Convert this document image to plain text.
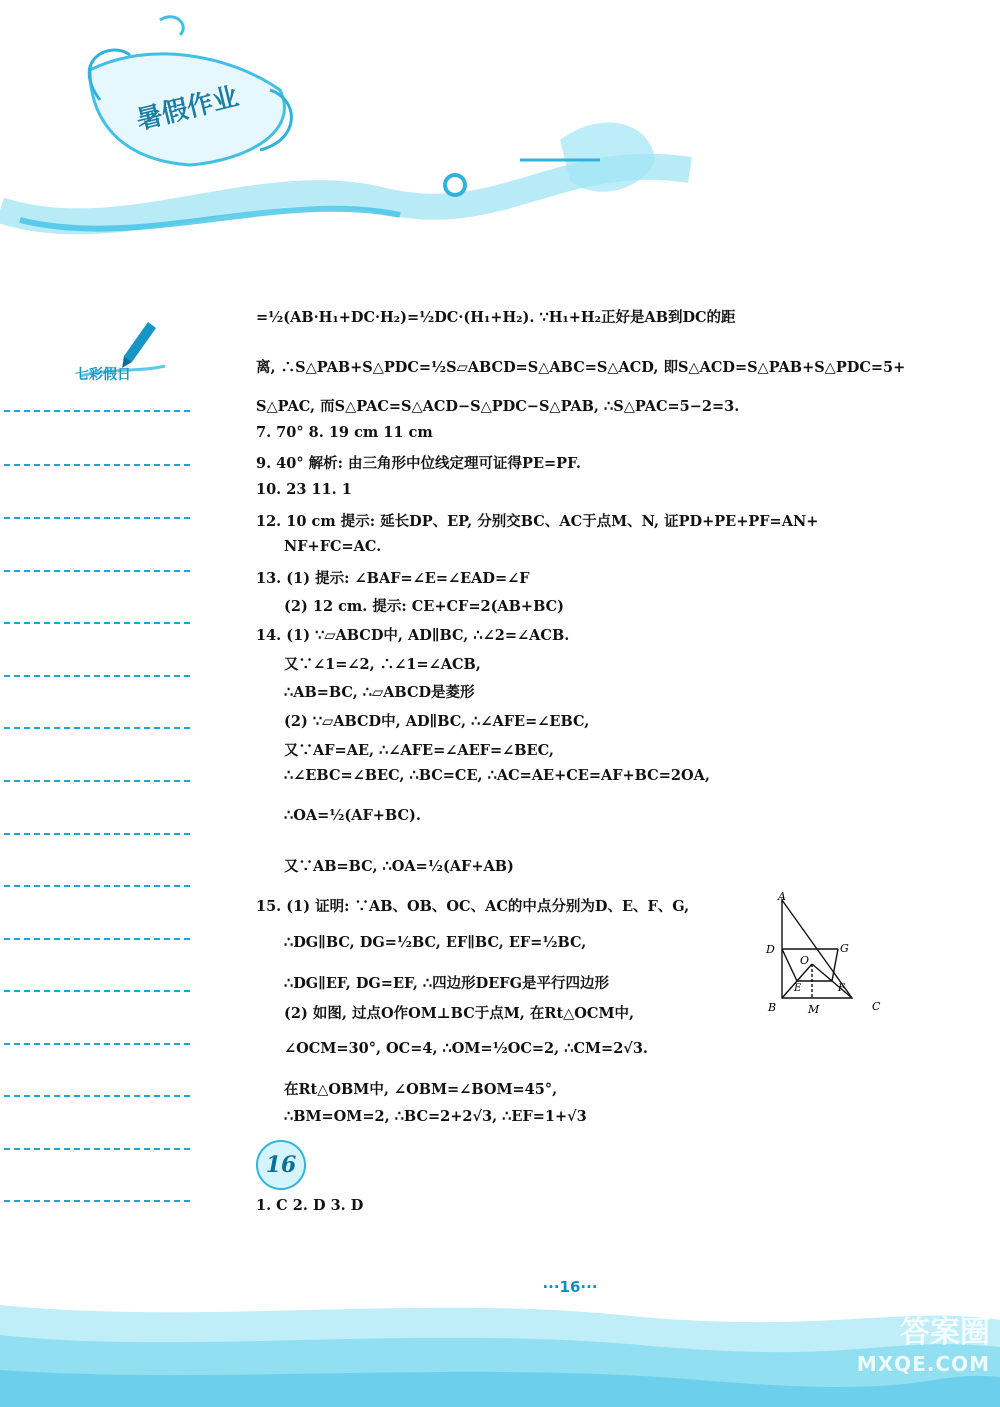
暑假作业
七彩假日
=½(AB·H₁+DC·H₂)=½DC·(H₁+H₂). ∵H₁+H₂正好是AB到DC的距
离, ∴S△PAB+S△PDC=½S▱ABCD=S△ABC=S△ACD, 即S△ACD=S△PAB+S△PDC=5+
S△PAC, 而S△PAC=S△ACD−S△PDC−S△PAB, ∴S△PAC=5−2=3.
7. 70° 8. 19 cm 11 cm
9. 40° 解析: 由三角形中位线定理可证得PE=PF.
10. 23 11. 1
12. 10 cm 提示: 延长DP、EP, 分别交BC、AC于点M、N, 证PD+PE+PF=AN+
NF+FC=AC.
13. (1) 提示: ∠BAF=∠E=∠EAD=∠F
(2) 12 cm. 提示: CE+CF=2(AB+BC)
14. (1) ∵▱ABCD中, AD∥BC, ∴∠2=∠ACB.
又∵∠1=∠2, ∴∠1=∠ACB,
∴AB=BC, ∴▱ABCD是菱形
(2) ∵▱ABCD中, AD∥BC, ∴∠AFE=∠EBC,
又∵AF=AE, ∴∠AFE=∠AEF=∠BEC,
∴∠EBC=∠BEC, ∴BC=CE, ∴AC=AE+CE=AF+BC=2OA,
∴OA=½(AF+BC).
又∵AB=BC, ∴OA=½(AF+AB)
15. (1) 证明: ∵AB、OB、OC、AC的中点分别为D、E、F、G,
∴DG∥BC, DG=½BC, EF∥BC, EF=½BC,
∴DG∥EF, DG=EF, ∴四边形DEFG是平行四边形
(2) 如图, 过点O作OM⊥BC于点M, 在Rt△OCM中,
∠OCM=30°, OC=4, ∴OM=½OC=2, ∴CM=2√3.
在Rt△OBM中, ∠OBM=∠BOM=45°,
∴BM=OM=2, ∴BC=2+2√3, ∴EF=1+√3
1. C 2. D 3. D
A
D	G
O
E	F
B	M	C
16
···16···
答案圈
MXQE.COM
